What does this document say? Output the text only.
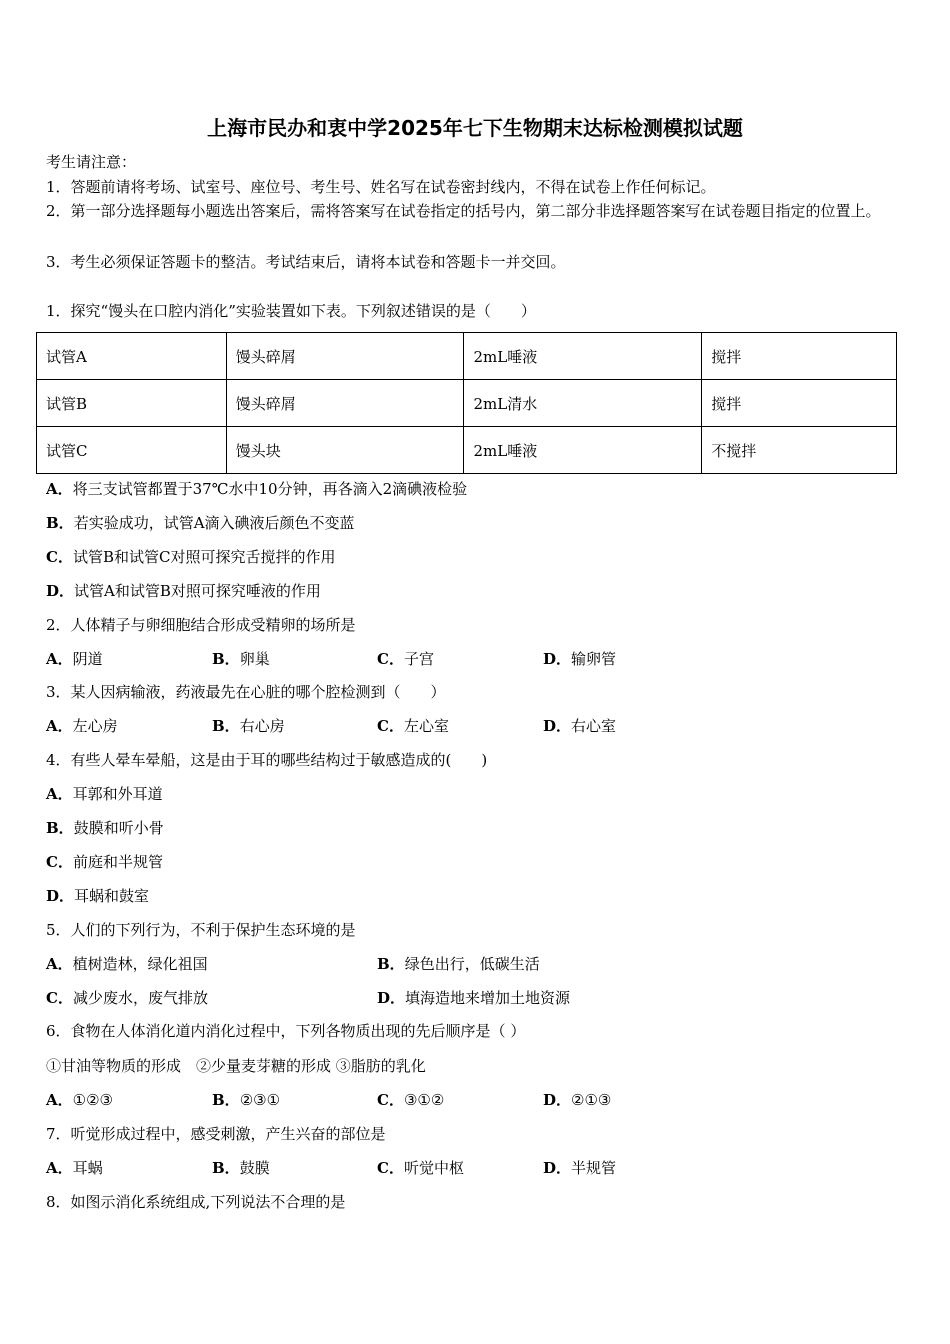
上海市民办和衷中学2025年七下生物期末达标检测模拟试题
考生请注意：
1．答题前请将考场、试室号、座位号、考生号、姓名写在试卷密封线内，不得在试卷上作任何标记。
2．第一部分选择题每小题选出答案后，需将答案写在试卷指定的括号内，第二部分非选择题答案写在试卷题目指定的位置上。
3．考生必须保证答题卡的整洁。考试结束后，请将本试卷和答题卡一并交回。
1．探究“馒头在口腔内消化”实验装置如下表。下列叙述错误的是（　　）
试管A	馒头碎屑	2mL唾液	搅拌
试管B	馒头碎屑	2mL清水	搅拌
试管C	馒头块	2mL唾液	不搅拌
A．将三支试管都置于37℃水中10分钟，再各滴入2滴碘液检验
B．若实验成功，试管A滴入碘液后颜色不变蓝
C．试管B和试管C对照可探究舌搅拌的作用
D．试管A和试管B对照可探究唾液的作用
2．人体精子与卵细胞结合形成受精卵的场所是
A．阴道	B．卵巢	C．子宫	D．输卵管
3．某人因病输液，药液最先在心脏的哪个腔检测到（　　）
A．左心房	B．右心房	C．左心室	D．右心室
4．有些人晕车晕船，这是由于耳的哪些结构过于敏感造成的(　　)
A．耳郭和外耳道
B．鼓膜和听小骨
C．前庭和半规管
D．耳蜗和鼓室
5．人们的下列行为，不利于保护生态环境的是
A．植树造林，绿化祖国	B．绿色出行，低碳生活
C．减少废水，废气排放	D．填海造地来增加土地资源
6．食物在人体消化道内消化过程中，下列各物质出现的先后顺序是（ ）
①甘油等物质的形成　②少量麦芽糖的形成 ③脂肪的乳化
A．①②③	B．②③①	C．③①②	D．②①③
7．听觉形成过程中，感受刺激，产生兴奋的部位是
A．耳蜗	B．鼓膜	C．听觉中枢	D．半规管
8．如图示消化系统组成,下列说法不合理的是
